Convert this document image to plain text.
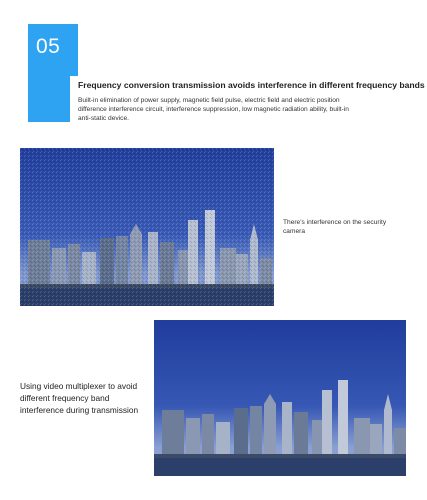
05
Frequency conversion transmission avoids interference in different frequency bands
Built-in elimination of power supply, magnetic field pulse, electric field and electric position difference interference circuit, interference suppression, low magnetic radiation ability, built-in anti-static device.
There's interference on the security camera
Using video multiplexer to avoid different frequency band interference during transmission
